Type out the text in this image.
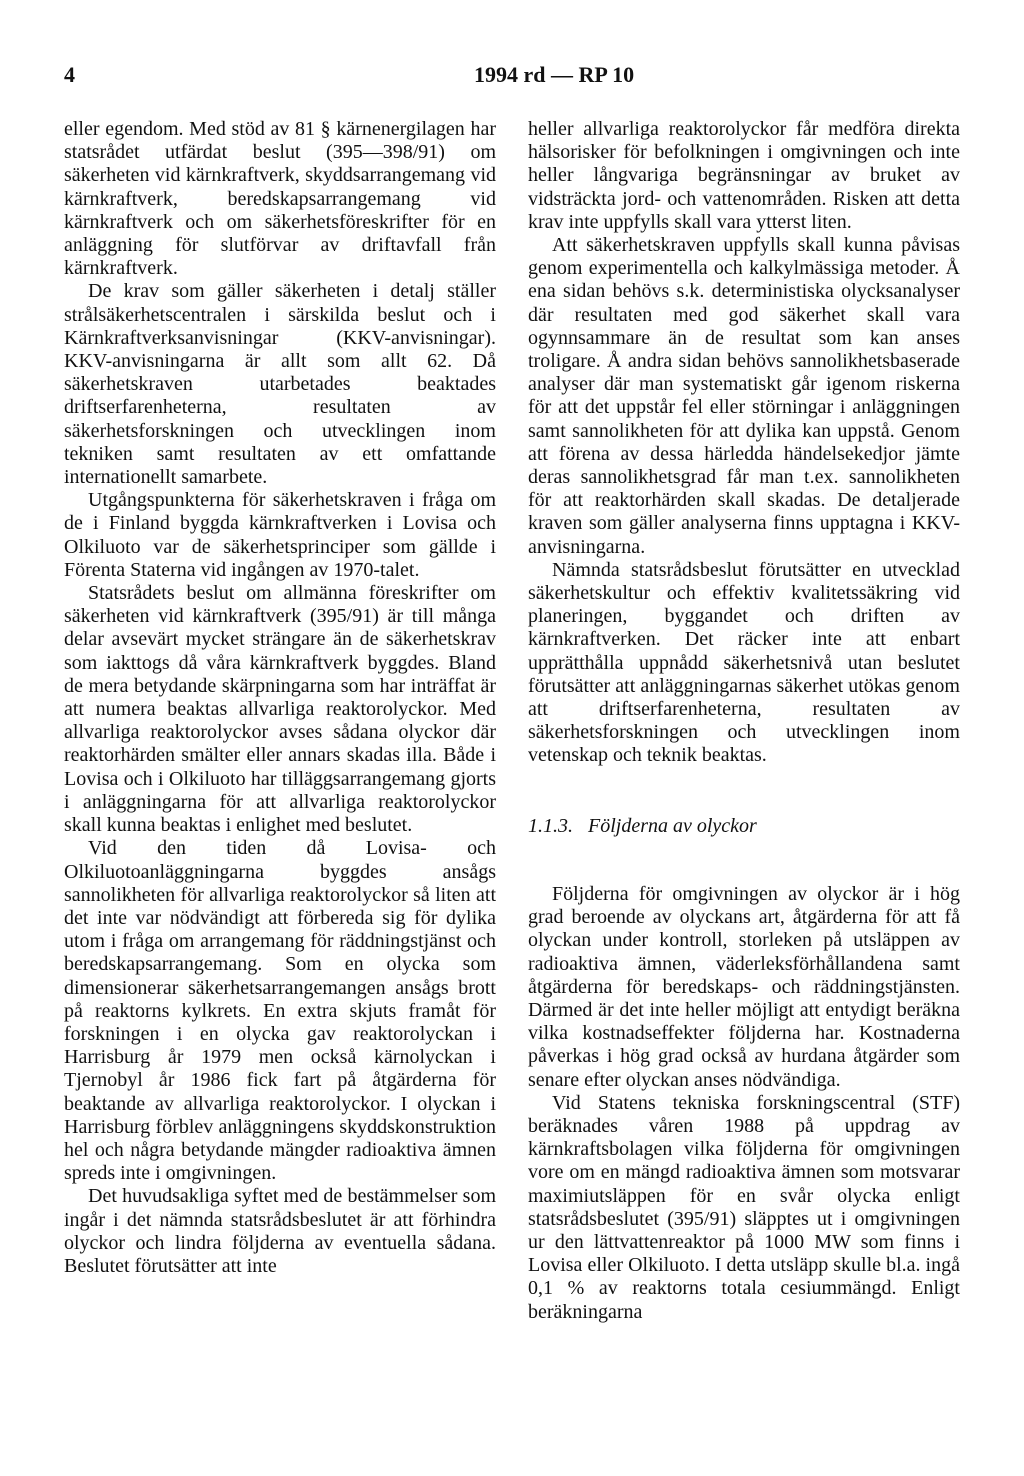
4	1994 rd — RP 10

eller egendom. Med stöd av 81 § kärnenergilagen har statsrådet utfärdat beslut (395—398/91) om säkerheten vid kärnkraftverk, skyddsarrangemang vid kärnkraftverk, beredskapsarrangemang vid kärnkraftverk och om säkerhetsföreskrifter för en anläggning för slutförvar av driftavfall från kärnkraftverk.

De krav som gäller säkerheten i detalj ställer strålsäkerhetscentralen i särskilda beslut och i Kärnkraftverksanvisningar (KKV-anvisningar). KKV-anvisningarna är allt som allt 62. Då säkerhetskraven utarbetades beaktades driftserfarenheterna, resultaten av säkerhetsforskningen och utvecklingen inom tekniken samt resultaten av ett omfattande internationellt samarbete.

Utgångspunkterna för säkerhetskraven i fråga om de i Finland byggda kärnkraftverken i Lovisa och Olkiluoto var de säkerhetsprinciper som gällde i Förenta Staterna vid ingången av 1970-talet.

Statsrådets beslut om allmänna föreskrifter om säkerheten vid kärnkraftverk (395/91) är till många delar avsevärt mycket strängare än de säkerhetskrav som iakttogs då våra kärnkraftverk byggdes. Bland de mera betydande skärpningarna som har inträffat är att numera beaktas allvarliga reaktorolyckor. Med allvarliga reaktorolyckor avses sådana olyckor där reaktorhärden smälter eller annars skadas illa. Både i Lovisa och i Olkiluoto har tilläggsarrangemang gjorts i anläggningarna för att allvarliga reaktorolyckor skall kunna beaktas i enlighet med beslutet.

Vid den tiden då Lovisa- och Olkiluotoanläggningarna byggdes ansågs sannolikheten för allvarliga reaktorolyckor så liten att det inte var nödvändigt att förbereda sig för dylika utom i fråga om arrangemang för räddningstjänst och beredskapsarrangemang. Som en olycka som dimensionerar säkerhetsarrangemangen ansågs brott på reaktorns kylkrets. En extra skjuts framåt för forskningen i en olycka gav reaktorolyckan i Harrisburg år 1979 men också kärnolyckan i Tjernobyl år 1986 fick fart på åtgärderna för beaktande av allvarliga reaktorolyckor. I olyckan i Harrisburg förblev anläggningens skyddskonstruktion hel och några betydande mängder radioaktiva ämnen spreds inte i omgivningen.

Det huvudsakliga syftet med de bestämmelser som ingår i det nämnda statsrådsbeslutet är att förhindra olyckor och lindra följderna av eventuella sådana. Beslutet förutsätter att inte

heller allvarliga reaktorolyckor får medföra direkta hälsorisker för befolkningen i omgivningen och inte heller långvariga begränsningar av bruket av vidsträckta jord- och vattenområden. Risken att detta krav inte uppfylls skall vara ytterst liten.

Att säkerhetskraven uppfylls skall kunna påvisas genom experimentella och kalkylmässiga metoder. Å ena sidan behövs s.k. deterministiska olycksanalyser där resultaten med god säkerhet skall vara ogynnsammare än de resultat som kan anses troligare. Å andra sidan behövs sannolikhetsbaserade analyser där man systematiskt går igenom riskerna för att det uppstår fel eller störningar i anläggningen samt sannolikheten för att dylika kan uppstå. Genom att förena av dessa härledda händelsekedjor jämte deras sannolikhetsgrad får man t.ex. sannolikheten för att reaktorhärden skall skadas. De detaljerade kraven som gäller analyserna finns upptagna i KKV-anvisningarna.

Nämnda statsrådsbeslut förutsätter en utvecklad säkerhetskultur och effektiv kvalitetssäkring vid planeringen, byggandet och driften av kärnkraftverken. Det räcker inte att enbart upprätthålla uppnådd säkerhetsnivå utan beslutet förutsätter att anläggningarnas säkerhet utökas genom att driftserfarenheterna, resultaten av säkerhetsforskningen och utvecklingen inom vetenskap och teknik beaktas.

1.1.3. Följderna av olyckor

Följderna för omgivningen av olyckor är i hög grad beroende av olyckans art, åtgärderna för att få olyckan under kontroll, storleken på utsläppen av radioaktiva ämnen, väderleksförhållandena samt åtgärderna för beredskaps- och räddningstjänsten. Därmed är det inte heller möjligt att entydigt beräkna vilka kostnadseffekter följderna har. Kostnaderna påverkas i hög grad också av hurdana åtgärder som senare efter olyckan anses nödvändiga.

Vid Statens tekniska forskningscentral (STF) beräknades våren 1988 på uppdrag av kärnkraftsbolagen vilka följderna för omgivningen vore om en mängd radioaktiva ämnen som motsvarar maximiutsläppen för en svår olycka enligt statsrådsbeslutet (395/91) släpptes ut i omgivningen ur den lättvattenreaktor på 1000 MW som finns i Lovisa eller Olkiluoto. I detta utsläpp skulle bl.a. ingå 0,1 % av reaktorns totala cesiummängd. Enligt beräkningarna
